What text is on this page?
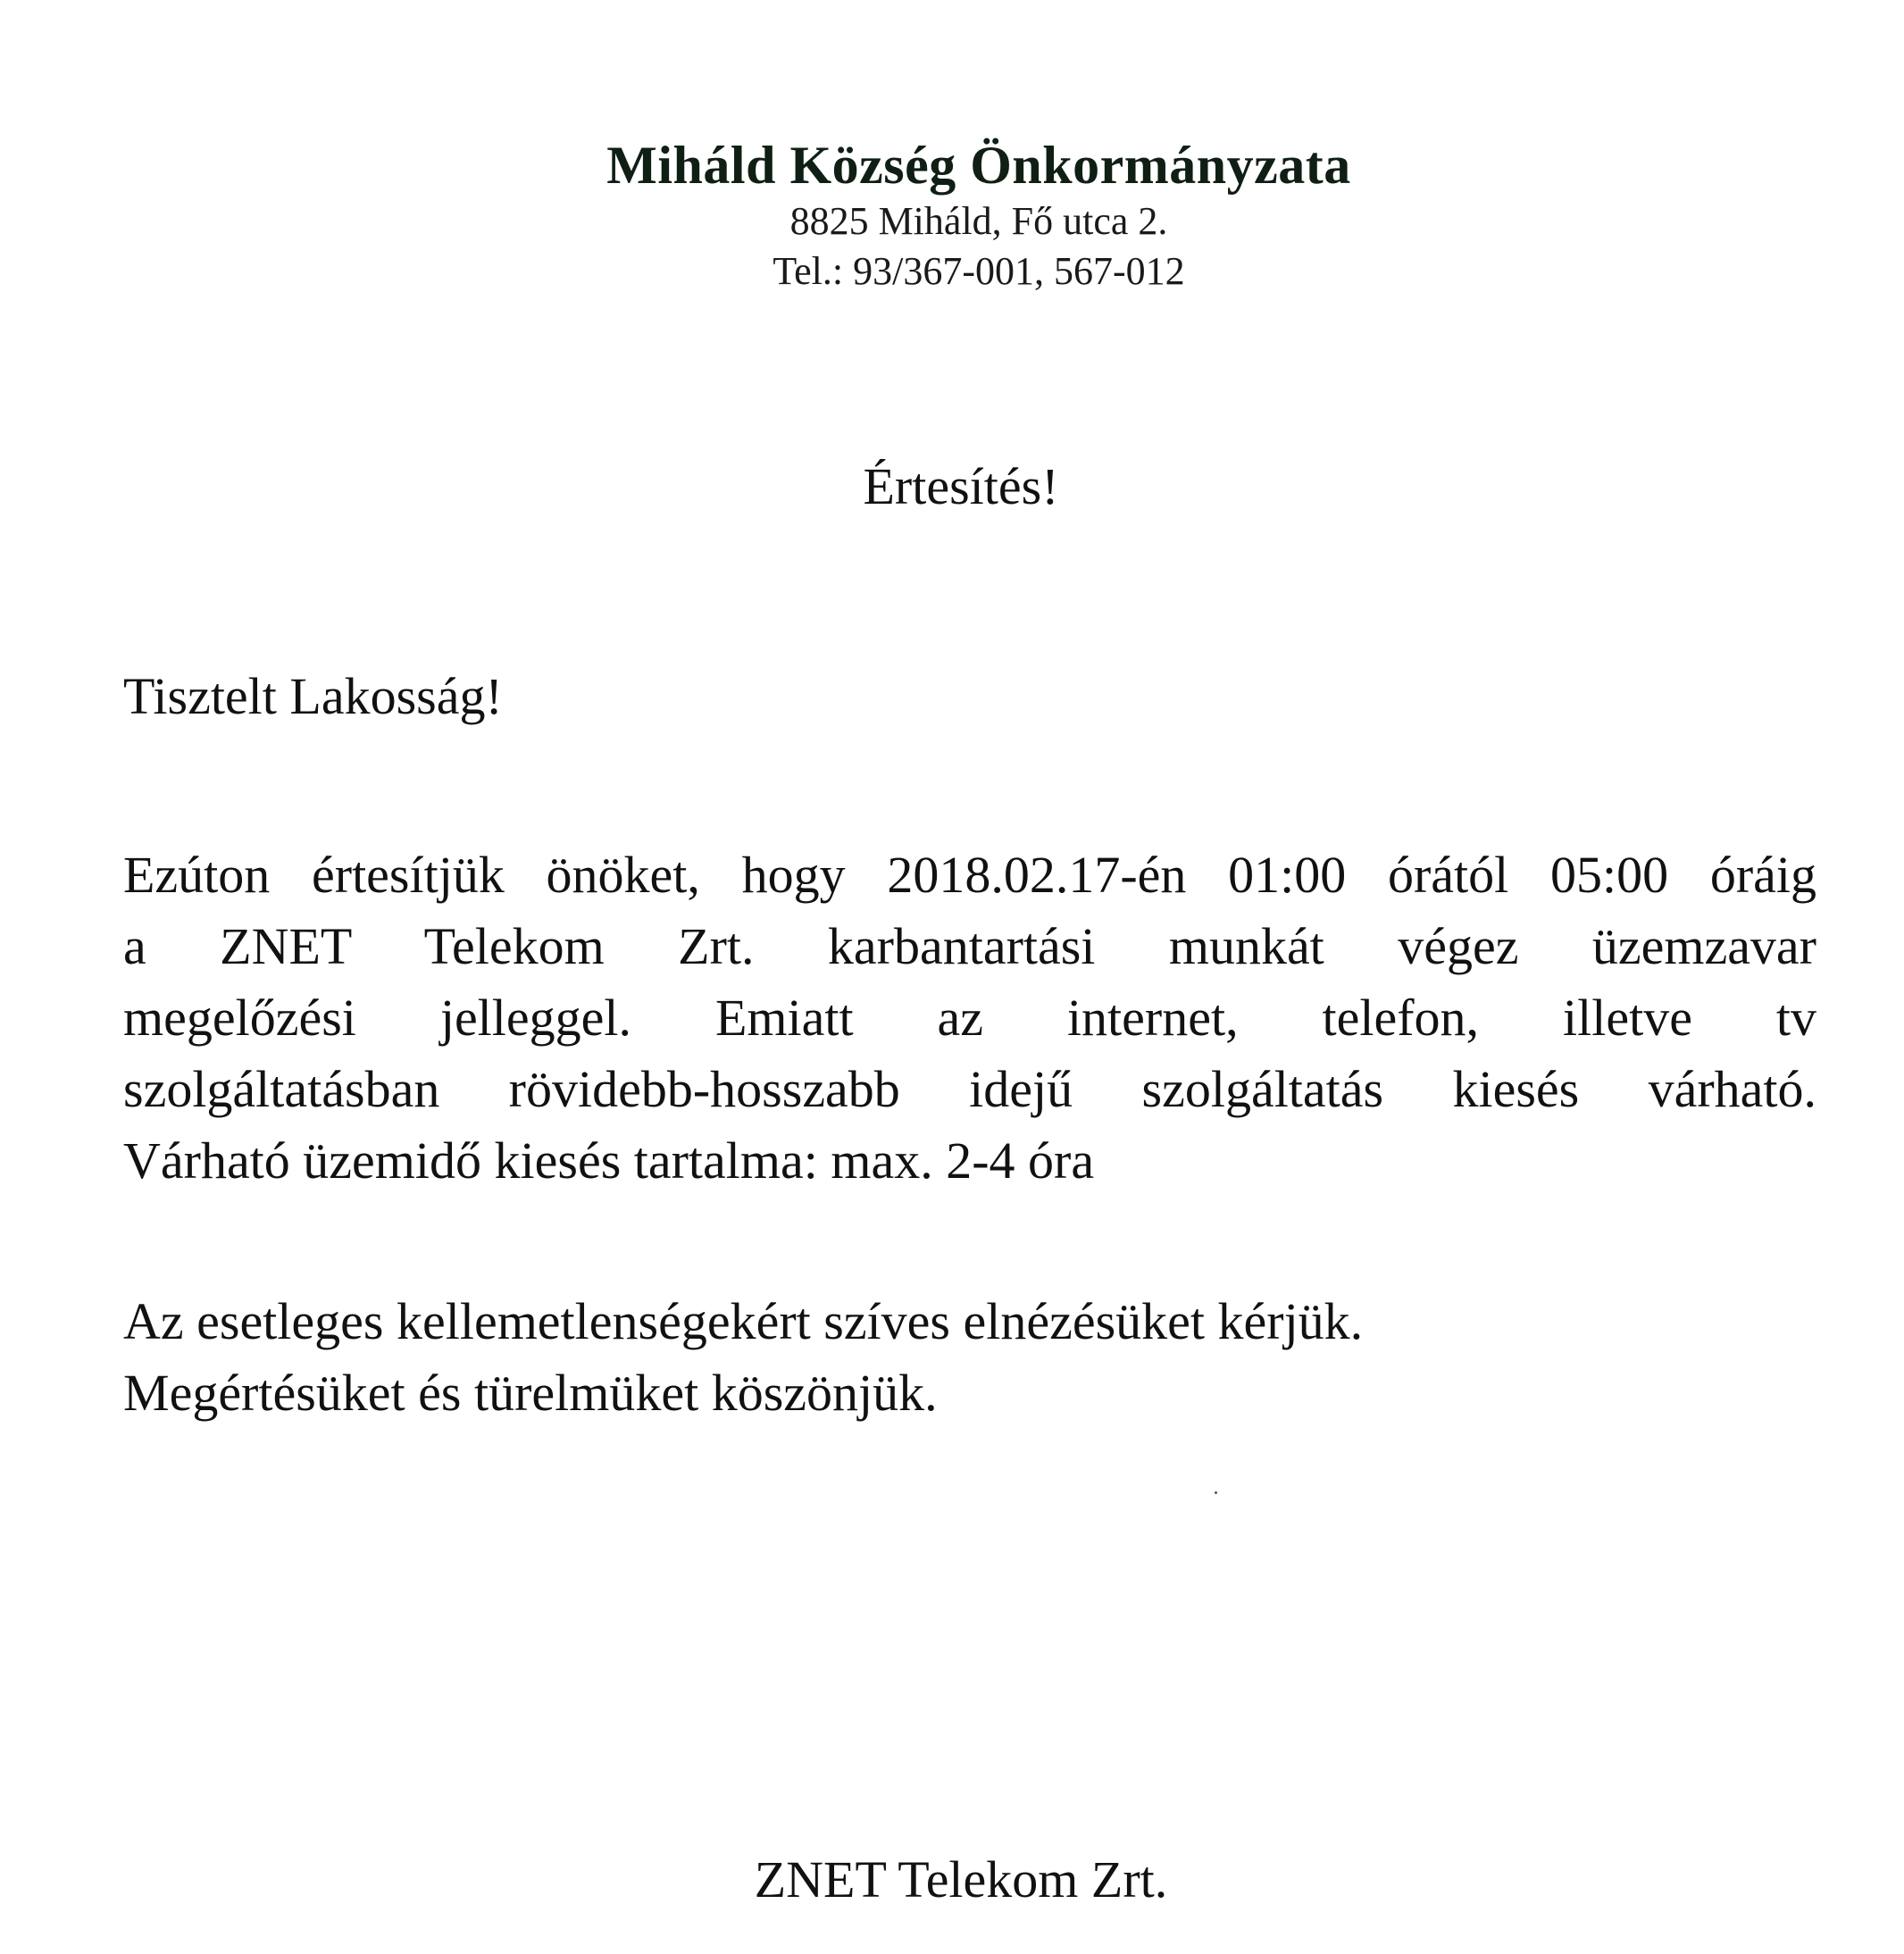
Miháld Község Önkormányzata
8825 Miháld, Fő utca 2.
Tel.: 93/367-001, 567-012
Értesítés!
Tisztelt Lakosság!
Ezúton értesítjük önöket, hogy 2018.02.17-én 01:00 órától 05:00 óráig
a ZNET Telekom Zrt. karbantartási munkát végez üzemzavar
megelőzési jelleggel. Emiatt az internet, telefon, illetve tv
szolgáltatásban rövidebb-hosszabb idejű szolgáltatás kiesés várható.
Várható üzemidő kiesés tartalma: max. 2-4 óra
Az esetleges kellemetlenségekért szíves elnézésüket kérjük.
Megértésüket és türelmüket köszönjük.
ZNET Telekom Zrt.
